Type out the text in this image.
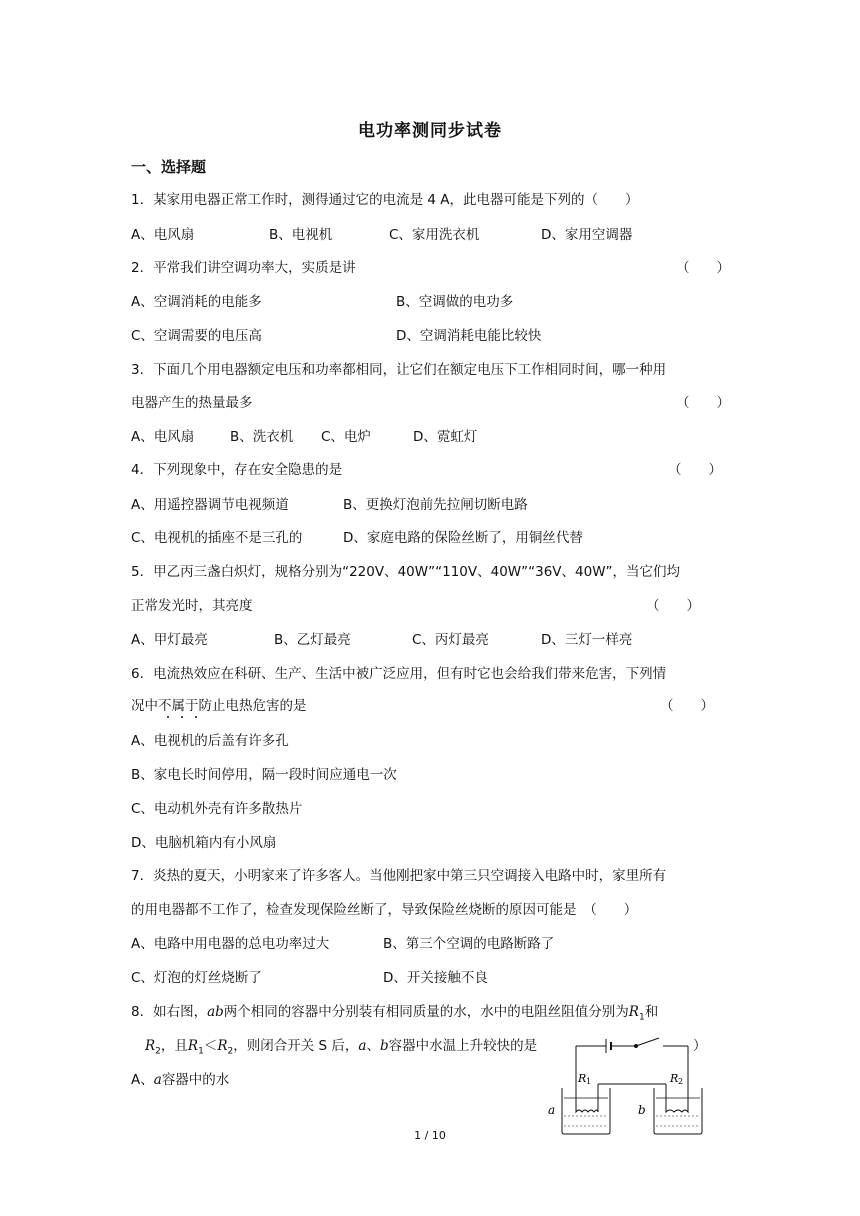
电功率测同步试卷
一、选择题
1．某家用电器正常工作时，测得通过它的电流是 4 A，此电器可能是下列的（　　）
A、电风扇	B、电视机	C、家用洗衣机	D、家用空调器
2．平常我们讲空调功率大，实质是讲	（　　）
A、空调消耗的电能多	B、空调做的电功多
C、空调需要的电压高	D、空调消耗电能比较快
3．下面几个用电器额定电压和功率都相同，让它们在额定电压下工作相同时间，哪一种用
电器产生的热量最多	（　　）
A、电风扇	B、洗衣机 C、电炉	D、霓虹灯
4．下列现象中，存在安全隐患的是	（　　）
A、用遥控器调节电视频道	B、更换灯泡前先拉闸切断电路
C、电视机的插座不是三孔的	D、家庭电路的保险丝断了，用铜丝代替
5．甲乙丙三盏白炽灯，规格分别为“220V、40W”“110V、40W”“36V、40W”，当它们均
正常发光时，其亮度	（　　）
A、甲灯最亮	B、乙灯最亮	C、丙灯最亮	D、三灯一样亮
6．电流热效应在科研、生产、生活中被广泛应用，但有时它也会给我们带来危害，下列情
况中不属于防止电热危害的是	（　　）
A、电视机的后盖有许多孔
B、家电长时间停用，隔一段时间应通电一次
C、电动机外壳有许多散热片
D、电脑机箱内有小风扇
7．炎热的夏天，小明家来了许多客人。当他刚把家中第三只空调接入电路中时，家里所有
的用电器都不工作了，检查发现保险丝断了，导致保险丝烧断的原因可能是　（　　）
A、电路中用电器的总电功率过大	B、第三个空调的电路断路了
C、灯泡的灯丝烧断了	D、开关接触不良
8．如右图，ab两个相同的容器中分别装有相同质量的水，水中的电阻丝阻值分别为$R_1$和
$R_2$，且$R_1<R_2$，则闭合开关 S 后，a、b容器中水温上升较快的是	）
A、a容器中的水	R 1	R 2
a	b
1 / 10
